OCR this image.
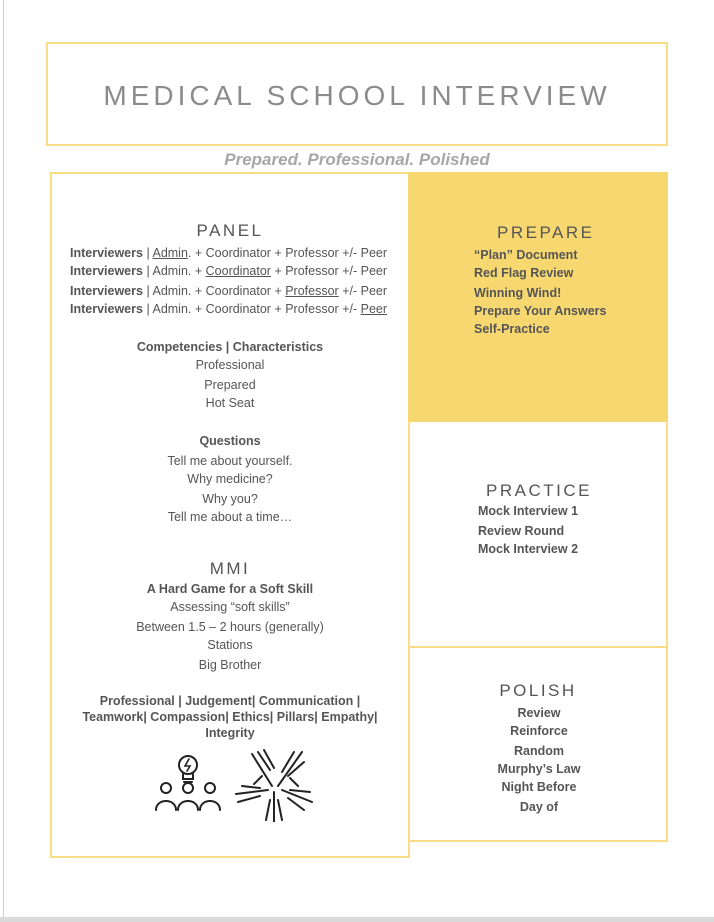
MEDICAL SCHOOL INTERVIEW
Prepared. Professional. Polished
PANEL
Interviewers | Admin. + Coordinator + Professor +/- Peer
Interviewers | Admin. + Coordinator + Professor +/- Peer
Interviewers | Admin. + Coordinator + Professor +/- Peer
Interviewers | Admin. + Coordinator + Professor +/- Peer
Competencies | Characteristics
Professional
Prepared
Hot Seat
Questions
Tell me about yourself.
Why medicine?
Why you?
Tell me about a time…
MMI
A Hard Game for a Soft Skill
Assessing “soft skills”
Between 1.5 – 2 hours (generally)
Stations
Big Brother
Professional | Judgement| Communication |
Teamwork| Compassion| Ethics| Pillars| Empathy|
Integrity
PREPARE
“Plan” Document
Red Flag Review
Winning Wind!
Prepare Your Answers
Self-Practice
PRACTICE
Mock Interview 1
Review Round
Mock Interview 2
POLISH
Review
Reinforce
Random
Murphy’s Law
Night Before
Day of
